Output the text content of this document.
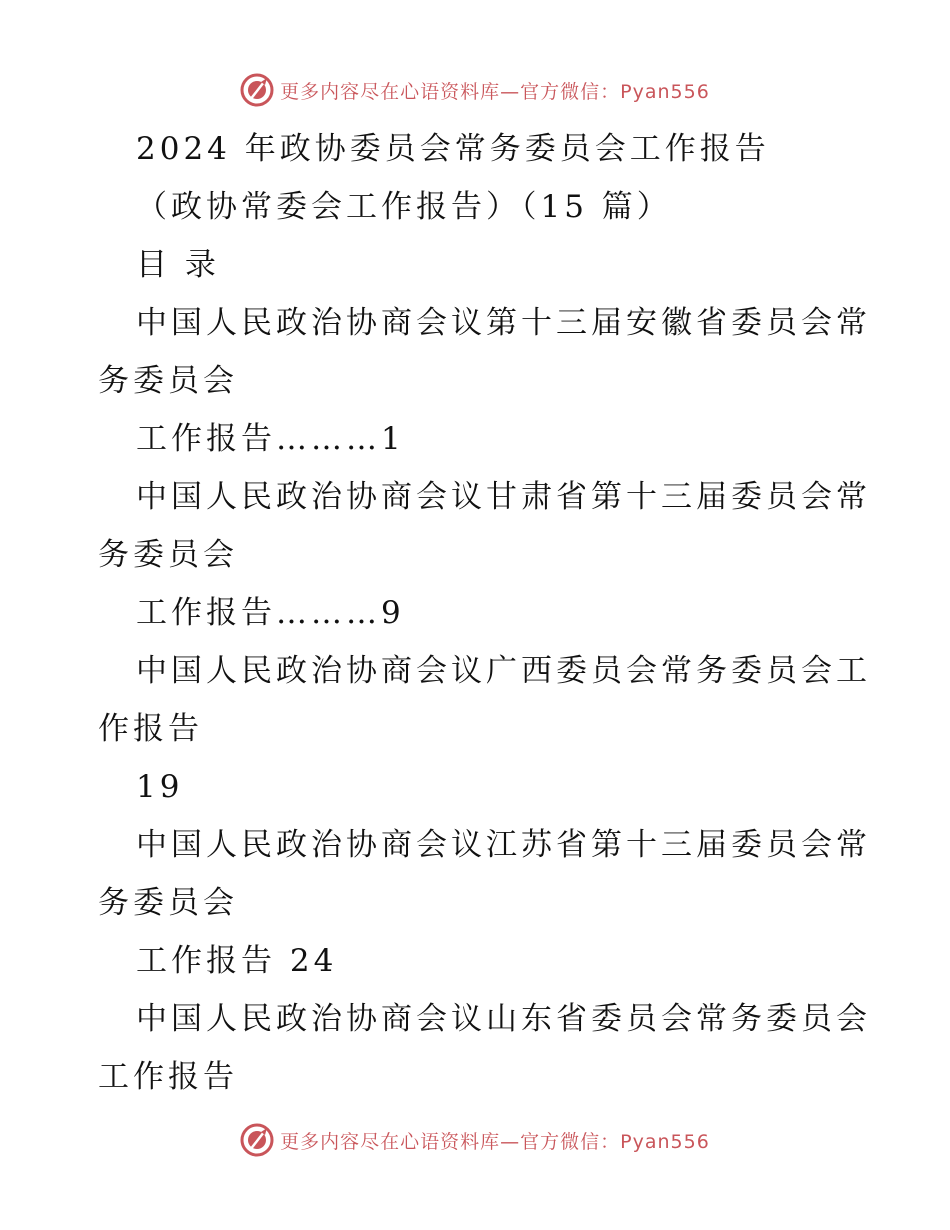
更多内容尽在心语资料库—官方微信：Pyan556
2024 年政协委员会常务委员会工作报告
（政协常委会工作报告）（15 篇）
目 录
中国人民政治协商会议第十三届安徽省委员会常
务委员会
工作报告………1
中国人民政治协商会议甘肃省第十三届委员会常
务委员会
工作报告………9
中国人民政治协商会议广西委员会常务委员会工
作报告
19
中国人民政治协商会议江苏省第十三届委员会常
务委员会
工作报告 24
中国人民政治协商会议山东省委员会常务委员会
工作报告
更多内容尽在心语资料库—官方微信：Pyan556
